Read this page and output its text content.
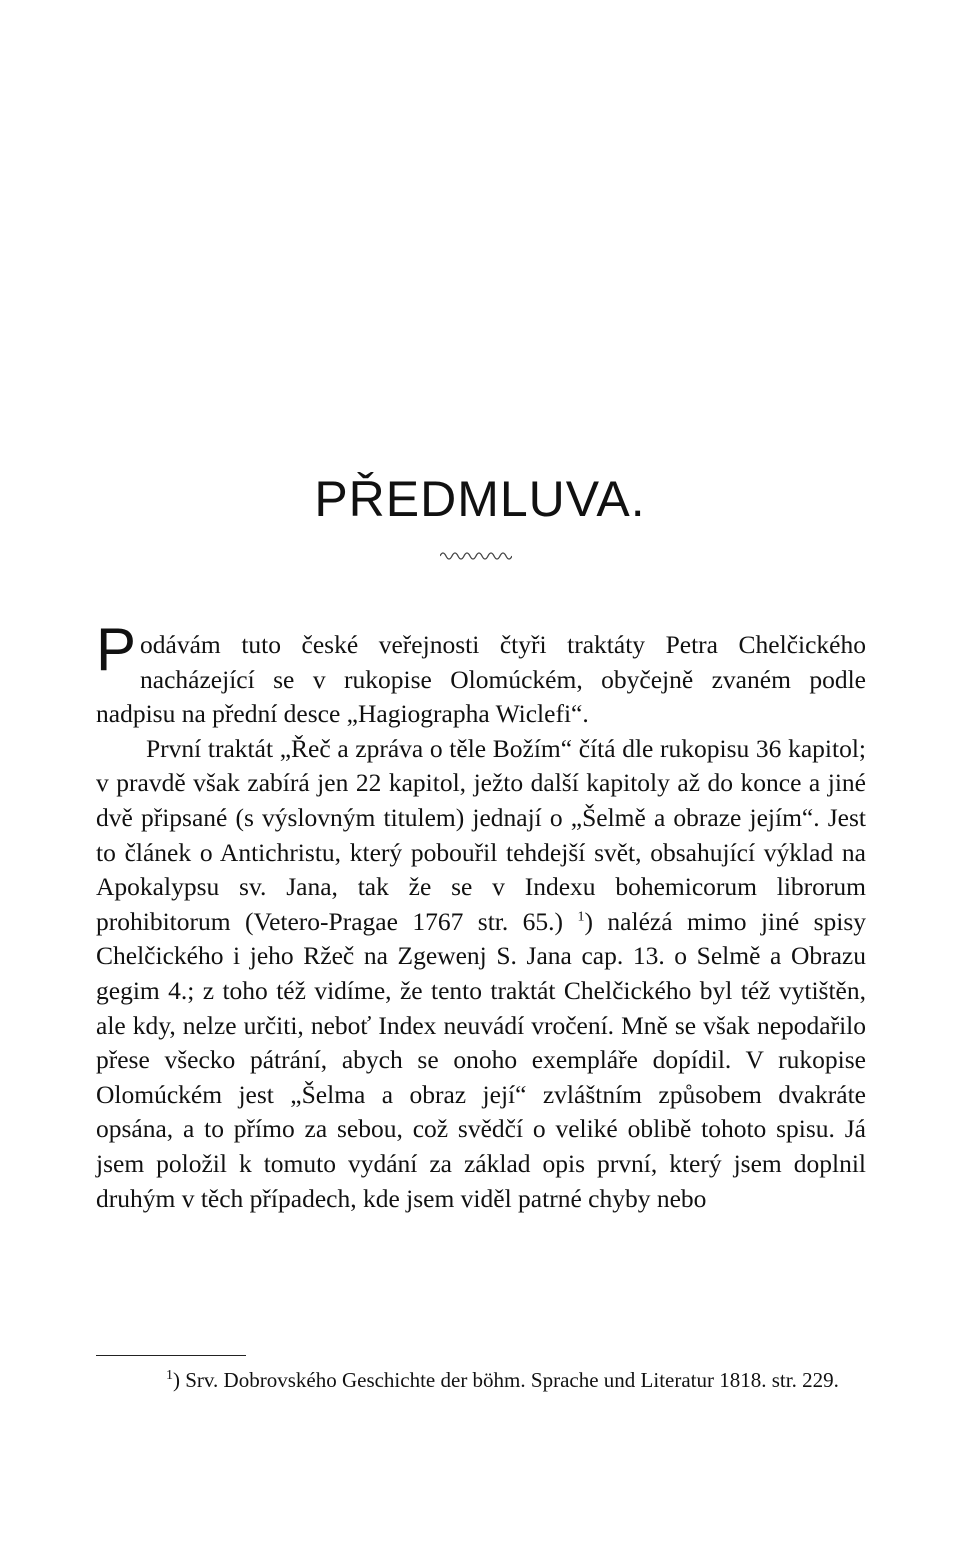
PŘEDMLUVA.

Podávám tuto české veřejnosti čtyři traktáty Petra Chelčického nacházející se v rukopise Olomúckém, obyčejně zvaném podle nadpisu na přední desce „Hagiographa Wiclefi“.

První traktát „Řeč a zpráva o těle Božím“ čítá dle rukopisu 36 kapitol; v pravdě však zabírá jen 22 kapitol, ježto další kapitoly až do konce a jiné dvě připsané (s výslovným titulem) jednají o „Šelmě a obraze jejím“. Jest to článek o Antichristu, který pobouřil tehdejší svět, obsahující výklad na Apokalypsu sv. Jana, tak že se v Indexu bohemicorum librorum prohibitorum (Vetero-Pragae 1767 str. 65.) $^1$) nalézá mimo jiné spisy Chelčického i jeho Ržeč na Zgewenj S. Jana cap. 13. o Selmě a Obrazu gegim 4.; z toho též vidíme, že tento traktát Chelčického byl též vytištěn, ale kdy, nelze určiti, neboť Index neuvádí vročení. Mně se však nepodařilo přese všecko pátrání, abych se onoho exempláře dopídil. V rukopise Olomúckém jest „Šelma a obraz její“ zvláštním způsobem dvakráte opsána, a to přímo za sebou, což svědčí o veliké oblibě tohoto spisu. Já jsem položil k tomuto vydání za základ opis první, který jsem doplnil druhým v těch případech, kde jsem viděl patrné chyby nebo

$^1$) Srv. Dobrovského Geschichte der böhm. Sprache und Literatur 1818. str. 229.
